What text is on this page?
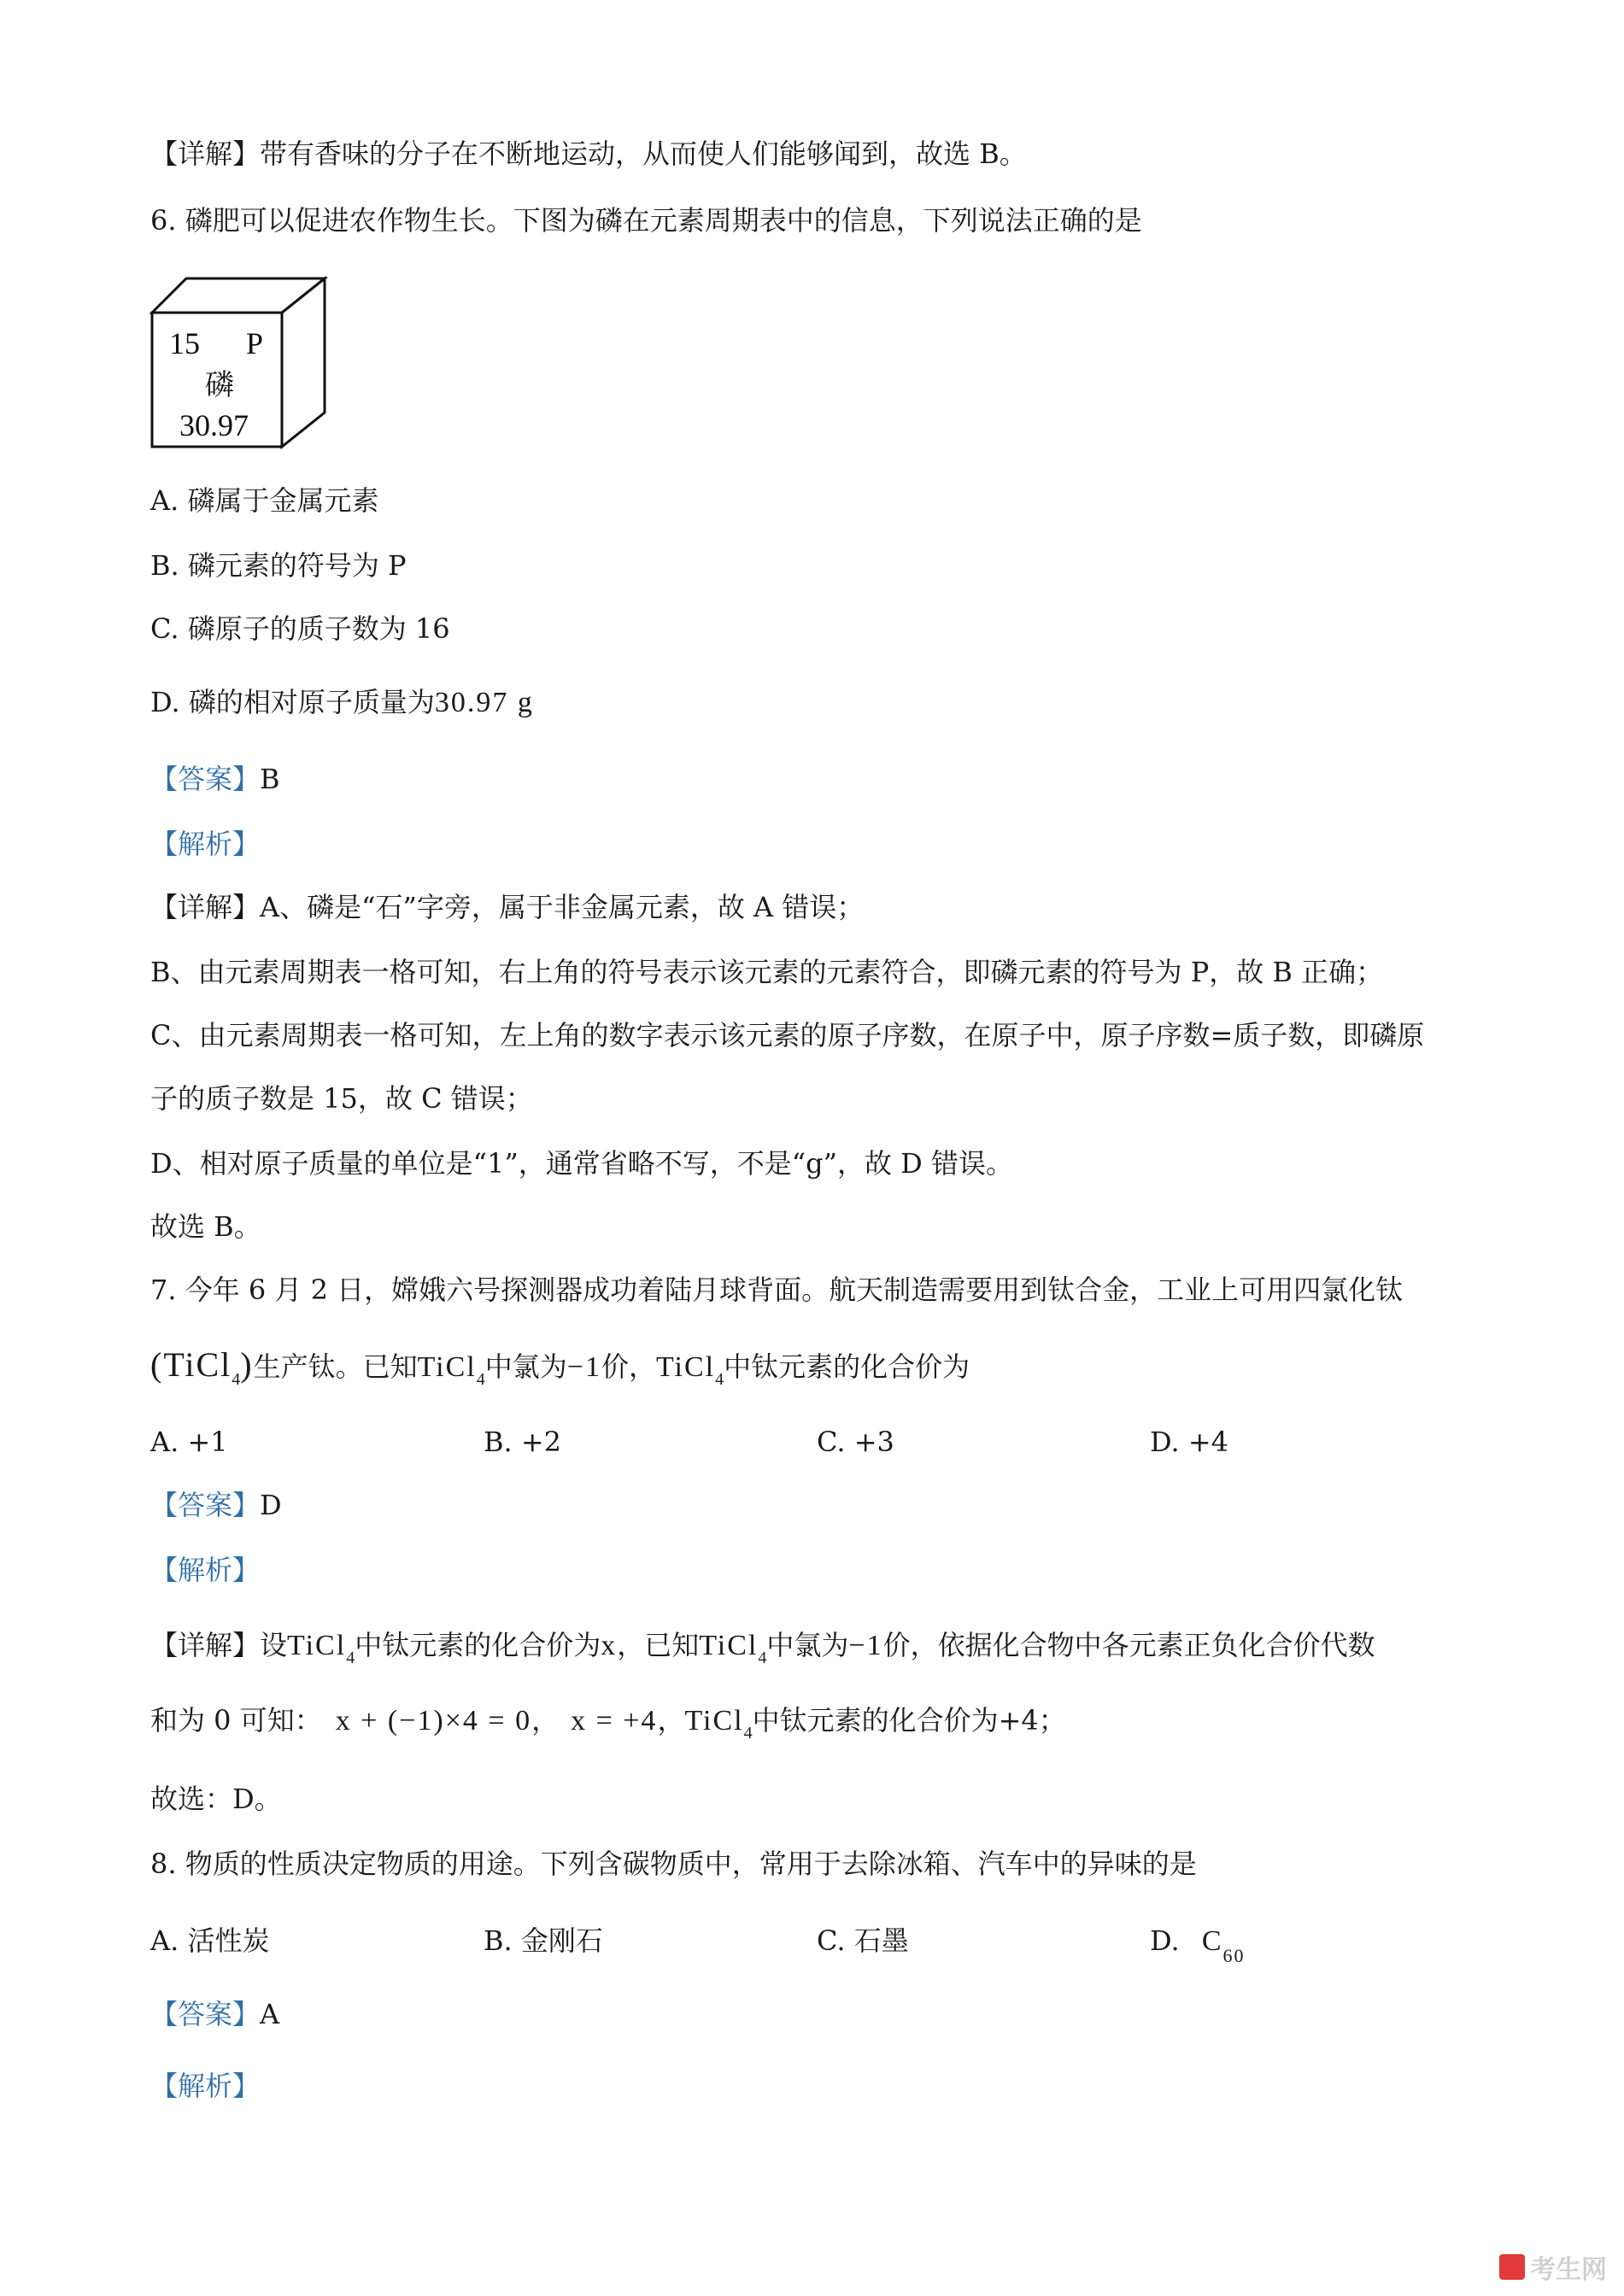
【详解】带有香味的分子在不断地运动，从而使人们能够闻到，故选 B。
6. 磷肥可以促进农作物生长。下图为磷在元素周期表中的信息，下列说法正确的是
15 P
磷
30.97
A. 磷属于金属元素
B. 磷元素的符号为 P
C. 磷原子的质子数为 16
D. 磷的相对原子质量为30.97 g
【答案】B
【解析】
【详解】A、磷是“石”字旁，属于非金属元素，故 A 错误；
B、由元素周期表一格可知，右上角的符号表示该元素的元素符合，即磷元素的符号为 P，故 B 正确；
C、由元素周期表一格可知，左上角的数字表示该元素的原子序数，在原子中，原子序数=质子数，即磷原
子的质子数是 15，故 C 错误；
D、相对原子质量的单位是“1”，通常省略不写，不是“g”，故 D 错误。
故选 B。
7. 今年 6 月 2 日，嫦娥六号探测器成功着陆月球背面。航天制造需要用到钛合金，工业上可用四氯化钛
(TiCl$_4$)生产钛。已知TiCl$_4$中氯为−1价，TiCl$_4$中钛元素的化合价为
A. +1	B. +2	C. +3	D. +4
【答案】D
【解析】
【详解】设TiCl$_4$中钛元素的化合价为x，已知TiCl$_4$中氯为−1价，依据化合物中各元素正负化合价代数
和为 0 可知： x + (−1)×4 = 0， x = +4，TiCl$_4$中钛元素的化合价为+4；
故选：D。
8. 物质的性质决定物质的用途。下列含碳物质中，常用于去除冰箱、汽车中的异味的是
A. 活性炭	B. 金刚石	C. 石墨	D. $C_{60}$
【答案】A
【解析】
考生网
